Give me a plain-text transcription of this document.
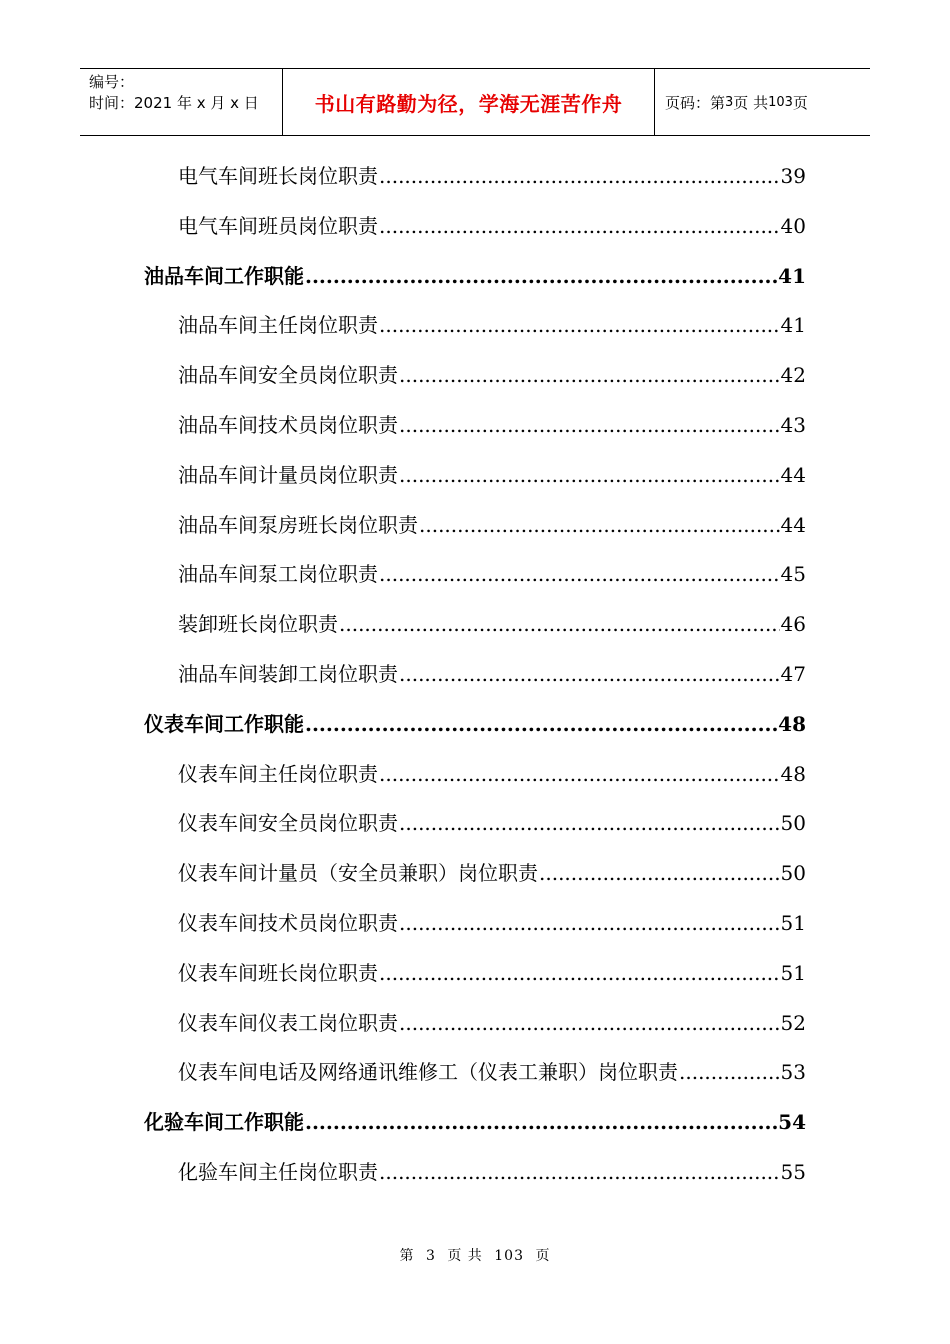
编号：
时间：2021 年 x 月 x 日	书山有路勤为径，学海无涯苦作舟	页码：第 3 页 共 103 页
电气车间班长岗位职责 .....	39
电气车间班员岗位职责 .....	40
油品车间工作职能 .....	41
油品车间主任岗位职责 .....	41
油品车间安全员岗位职责 .....	42
油品车间技术员岗位职责 .....	43
油品车间计量员岗位职责 .....	44
油品车间泵房班长岗位职责 .....	44
油品车间泵工岗位职责 .....	45
装卸班长岗位职责 .....	46
油品车间装卸工岗位职责 .....	47
仪表车间工作职能 .....	48
仪表车间主任岗位职责 .....	48
仪表车间安全员岗位职责 .....	50
仪表车间计量员（安全员兼职）岗位职责 .....	50
仪表车间技术员岗位职责 .....	51
仪表车间班长岗位职责 .....	51
仪表车间仪表工岗位职责 .....	52
仪表车间电话及网络通讯维修工（仪表工兼职）岗位职责 .....	53
化验车间工作职能 .....	54
化验车间主任岗位职责 .....	55
第 3 页 共 103 页
